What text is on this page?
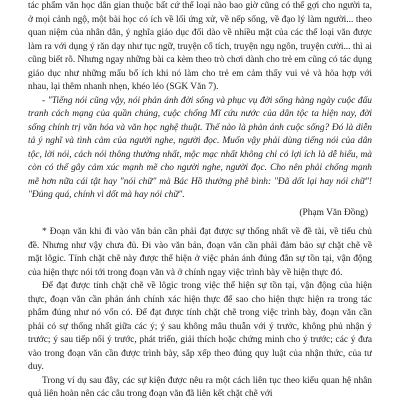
tác phẩm văn học dân gian thuộc bất cứ thể loại nào bao giờ cũng có thể gợi cho người ta, ở mọi cảnh ngộ, một bài học có ích về lối ứng xử, về nếp sống, về đạo lý làm người... theo quan niệm của nhân dân, ý nghĩa giáo dục đối dào về nhiều mặt của các thể loại văn được làm ra với dụng ý răn dạy như tục ngữ, truyện cổ tích, truyện ngụ ngôn, truyện cười... thì ai cũng biết rõ. Nhưng ngay những bài ca kèm theo trò chơi dành cho trẻ em cũng có tác dụng giáo dục như những mẩu bổ ích khi nó làm cho trẻ em cảm thấy vui vẻ và hòa hợp với nhau, lại thêm nhanh nhẹn, khéo léo (SGK Văn 7).

- "Tiếng nói cũng vậy, nói phản ánh đời sống và phục vụ đời sống hàng ngày cuộc đấu tranh cách mạng của quần chúng, cuộc chống Mĩ cứu nước của dân tộc ta hiện nay, đời sống chính trị văn hóa và văn học nghệ thuật. Thế nào là phản ánh cuộc sống? Đó là diễn tả ý nghĩ và tình cảm của người nghe, người đọc. Muốn vậy phải dùng tiếng nói của dân tộc, lời nói, cách nói thông thường nhất, mộc mạc nhất không chỉ có lợi ích là dễ hiểu, mà còn có thể gây cảm xúc mạnh mẽ cho người nghe, người đọc. Cho nên phải chống mạnh mẽ hơn nữa cái tật hay "nói chữ" mà Bác Hồ thường phê bình: "Đã dốt lại hay nói chữ"! "Đúng quá, chính vì dốt mà hay nói chữ".

(Phạm Văn Đồng)

* Đoạn văn khi đi vào văn bản cần phải đạt được sự thống nhất về đề tài, về tiểu chủ đề. Nhưng như vậy chưa đủ. Đi vào văn bản, đoạn văn cần phải đảm bảo sự chặt chẽ về mặt lôgic. Tính chặt chẽ này được thể hiện ở việc phản ánh đúng đắn sự tồn tại, vận động của hiện thực nói tới trong đoạn văn và ở chính ngay việc trình bày về hiện thực đó.

Để đạt được tính chặt chẽ về lôgic trong việc thể hiện sự tồn tại, vận động của hiện thực, đoạn văn cần phản ánh chính xác hiện thực để sao cho hiện thực hiện ra trong tác phẩm đúng như nó vốn có. Để đạt được tính chặt chẽ trong việc trình bày, đoạn văn cần phải có sự thống nhất giữa các ý; ý sau không mâu thuẫn với ý trước, không phủ nhận ý trước; ý sau tiếp nối ý trước, phát triển, giải thích hoặc chứng minh cho ý trước; các ý đưa vào trong đoạn văn cần được trình bày, sắp xếp theo đúng quy luật của nhận thức, của tư duy.

Trong ví dụ sau đây, các sự kiện được nêu ra một cách liên tục theo kiểu quan hệ nhân quả liên hoàn nên các câu trong đoạn văn đã liên kết chặt chẽ với
